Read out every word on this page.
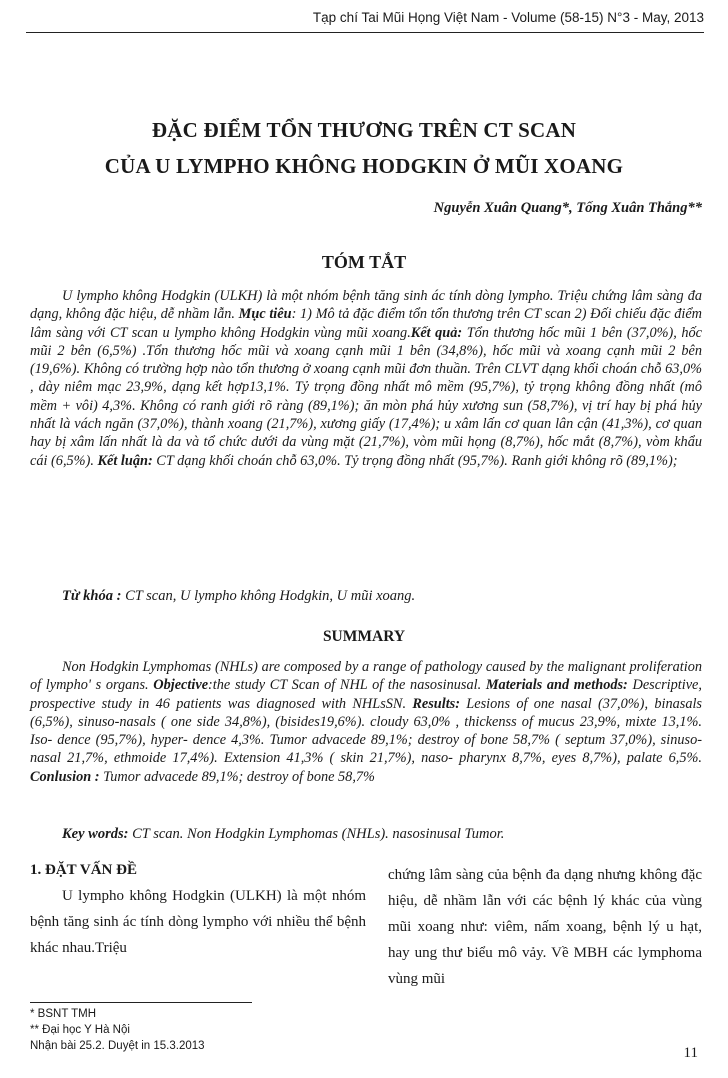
Tạp chí Tai Mũi Họng Việt Nam - Volume (58-15) N°3 - May, 2013
ĐẶC ĐIỂM TỔN THƯƠNG TRÊN CT SCAN
CỦA U LYMPHO KHÔNG HODGKIN Ở MŨI XOANG
Nguyễn Xuân Quang*, Tống Xuân Thắng**
TÓM TẮT

U lympho không Hodgkin (ULKH) là một nhóm bệnh tăng sinh ác tính dòng lympho. Triệu chứng lâm sàng đa dạng, không đặc hiệu, dễ nhầm lẫn. Mục tiêu: 1) Mô tả đặc điểm tổn tổn thương trên CT scan 2) Đối chiếu đặc điểm lâm sàng với CT scan u lympho không Hodgkin vùng mũi xoang.Kết quả: Tổn thương hốc mũi 1 bên (37,0%), hốc mũi 2 bên (6,5%) .Tổn thương hốc mũi và xoang cạnh mũi 1 bên (34,8%), hốc mũi và xoang cạnh mũi 2 bên (19,6%). Không có trường hợp nào tổn thương ở xoang cạnh mũi đơn thuần. Trên CLVT dạng khối choán chỗ 63,0% , dày niêm mạc 23,9%, dạng kết hợp13,1%. Tỷ trọng đồng nhất mô mềm (95,7%), tỷ trọng không đồng nhất (mô mềm + vôi) 4,3%. Không có ranh giới rõ ràng (89,1%); ăn mòn phá hủy xương sun (58,7%), vị trí hay bị phá hủy nhất là vách ngăn (37,0%), thành xoang (21,7%), xương giấy (17,4%); u xâm lấn cơ quan lân cận (41,3%), cơ quan hay bị xâm lấn nhất là da và tổ chức dưới da vùng mặt (21,7%), vòm mũi họng (8,7%), hốc mắt (8,7%), vòm khẩu cái (6,5%). Kết luận: CT dạng khối choán chỗ 63,0%. Tỷ trọng đồng nhất (95,7%). Ranh giới không rõ (89,1%);

Từ khóa : CT scan, U lympho không Hodgkin, U mũi xoang.
SUMMARY

Non Hodgkin Lymphomas (NHLs) are composed by a range of pathology caused by the malignant proliferation of lympho' s organs. Objective:the study CT Scan of NHL of the nasosinusal. Materials and methods: Descriptive, prospective study in 46 patients was diagnosed with NHLsSN. Results: Lesions of one nasal (37,0%), binasals (6,5%), sinuso-nasals ( one side 34,8%), (bisides19,6%). cloudy 63,0% , thickenss of mucus 23,9%, mixte 13,1%. Iso- dence (95,7%), hyper- dence 4,3%. Tumor advacede 89,1%; destroy of bone 58,7% ( septum 37,0%), sinuso-nasal 21,7%, ethmoide 17,4%). Extension 41,3% ( skin 21,7%), naso- pharynx 8,7%, eyes 8,7%), palate 6,5%. Conlusion : Tumor advacede 89,1%; destroy of bone 58,7%

Key words: CT scan. Non Hodgkin Lymphomas (NHLs). nasosinusal Tumor.
1. ĐẶT VẤN ĐỀ

U lympho không Hodgkin (ULKH) là một nhóm bệnh tăng sinh ác tính dòng lympho với nhiều thể bệnh khác nhau.Triệu

chứng lâm sàng của bệnh đa dạng nhưng không đặc hiệu, dễ nhầm lẫn với các bệnh lý khác của vùng mũi xoang như: viêm, nấm xoang, bệnh lý u hạt, hay ung thư biểu mô vảy. Về MBH các lymphoma vùng mũi

* BSNT TMH
** Đại học Y Hà Nội
Nhận bài 25.2. Duyệt in 15.3.2013	11
